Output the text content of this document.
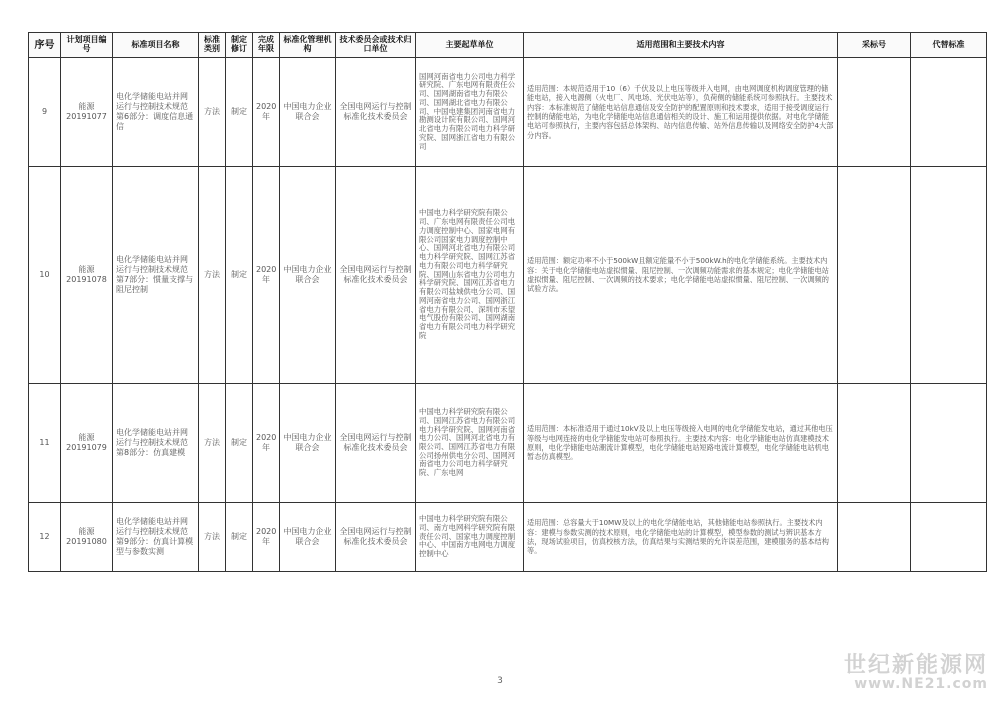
序号	计划项目编号	标准项目名称	标准类别	制定修订	完成年限	标准化管理机构	技术委员会或技术归口单位	主要起草单位	适用范围和主要技术内容	采标号	代替标准
9	能源 20191077	电化学储能电站并网运行与控制技术规范 第6部分：调度信息通信	方法	制定	2020年	中国电力企业联合会	全国电网运行与控制标准化技术委员会	国网河南省电力公司电力科学研究院、广东电网有限责任公司、国网湖南省电力有限公司、国网湖北省电力有限公司、中国电建集团河南省电力勘测设计院有限公司、国网河北省电力有限公司电力科学研究院、国网浙江省电力有限公司	适用范围：本规范适用于10（6）千伏及以上电压等级并入电网，由电网调度机构调度管理的储能电站，接入电源侧（火电厂、风电场、光伏电站等），负荷侧的储能系统可参照执行。主要技术内容：本标准规范了储能电站信息通信及安全防护的配置原则和技术要求，适用于接受调度运行控制的储能电站，为电化学储能电站信息通信相关的设计、施工和运用提供依据。对电化学储能电站可参照执行，主要内容包括总体架构、站内信息传输、站外信息传输以及网络安全防护4大部分内容。		
10	能源 20191078	电化学储能电站并网运行与控制技术规范 第7部分：惯量支撑与阻尼控制	方法	制定	2020年	中国电力企业联合会	全国电网运行与控制标准化技术委员会	中国电力科学研究院有限公司、广东电网有限责任公司电力调度控制中心、国家电网有限公司国家电力调度控制中心、国网河北省电力有限公司电力科学研究院、国网江苏省电力有限公司电力科学研究院、国网山东省电力公司电力科学研究院、国网江苏省电力有限公司盐城供电分公司、国网河南省电力公司、国网浙江省电力有限公司、深圳市禾望电气股份有限公司、国网湖南省电力有限公司电力科学研究院	适用范围：额定功率不小于500kW且额定能量不小于500kW.h的电化学储能系统。主要技术内容：关于电化学储能电站虚拟惯量、阻尼控制、一次调频功能需求的基本规定；电化学储能电站虚拟惯量、阻尼控制、一次调频的技术要求；电化学储能电站虚拟惯量、阻尼控制、一次调频的试验方法。		
11	能源 20191079	电化学储能电站并网运行与控制技术规范 第8部分：仿真建模	方法	制定	2020年	中国电力企业联合会	全国电网运行与控制标准化技术委员会	中国电力科学研究院有限公司、国网江苏省电力有限公司电力科学研究院、国网河南省电力公司、国网河北省电力有限公司、国网江苏省电力有限公司扬州供电分公司、国网河南省电力公司电力科学研究院、广东电网	适用范围：本标准适用于通过10kV及以上电压等级接入电网的电化学储能发电站，通过其他电压等级与电网连接的电化学储能发电站可参照执行。主要技术内容：电化学储能电站仿真建模技术原则，电化学储能电站潮流计算模型，电化学储能电站短路电流计算模型，电化学储能电站机电暂态仿真模型。		
12	能源 20191080	电化学储能电站并网运行与控制技术规范 第9部分：仿真计算模型与参数实测	方法	制定	2020年	中国电力企业联合会	全国电网运行与控制标准化技术委员会	中国电力科学研究院有限公司、南方电网科学研究院有限责任公司、国家电力调度控制中心、中国南方电网电力调度控制中心	适用范围：总容量大于10MW及以上的电化学储能电站，其他储能电站参照执行。主要技术内容：建模与参数实测的技术原则，电化学储能电站的计算模型，模型参数的测试与辨识基本方法，现场试验项目，仿真校核方法，仿真结果与实测结果的允许误差范围，建模服务的基本结构等。		
3
世纪新能源网
www.NE21.com
